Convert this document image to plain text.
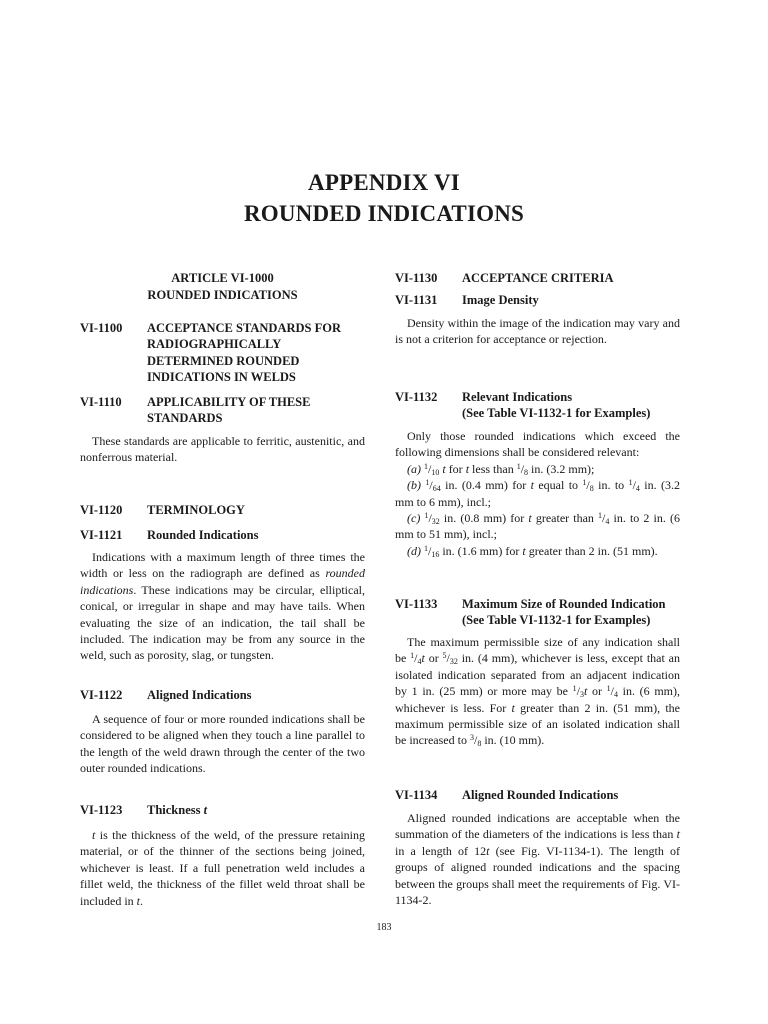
APPENDIX VI
ROUNDED INDICATIONS
ARTICLE VI-1000
ROUNDED INDICATIONS
VI-1100	ACCEPTANCE STANDARDS FOR RADIOGRAPHICALLY DETERMINED ROUNDED INDICATIONS IN WELDS
VI-1110	APPLICABILITY OF THESE STANDARDS

These standards are applicable to ferritic, austenitic, and nonferrous material.

VI-1120	TERMINOLOGY
VI-1121	Rounded Indications

Indications with a maximum length of three times the width or less on the radiograph are defined as rounded indications. These indications may be circular, elliptical, conical, or irregular in shape and may have tails. When evaluating the size of an indication, the tail shall be included. The indication may be from any source in the weld, such as porosity, slag, or tungsten.

VI-1122	Aligned Indications

A sequence of four or more rounded indications shall be considered to be aligned when they touch a line parallel to the length of the weld drawn through the center of the two outer rounded indications.

VI-1123	Thickness t

t is the thickness of the weld, of the pressure retaining material, or of the thinner of the sections being joined, whichever is least. If a full penetration weld includes a fillet weld, the thickness of the fillet weld throat shall be included in t.

VI-1130	ACCEPTANCE CRITERIA
VI-1131	Image Density

Density within the image of the indication may vary and is not a criterion for acceptance or rejection.

VI-1132	Relevant Indications
(See Table VI-1132-1 for Examples)

Only those rounded indications which exceed the following dimensions shall be considered relevant:

(a) $^1/_{10}$ t for t less than $^1/_8$ in. (3.2 mm);

(b) $^1/_{64}$ in. (0.4 mm) for t equal to $^1/_8$ in. to $^1/_4$ in. (3.2 mm to 6 mm), incl.;

(c) $^1/_{32}$ in. (0.8 mm) for t greater than $^1/_4$ in. to 2 in. (6 mm to 51 mm), incl.;

(d) $^1/_{16}$ in. (1.6 mm) for t greater than 2 in. (51 mm).

VI-1133	Maximum Size of Rounded Indication
(See Table VI-1132-1 for Examples)

The maximum permissible size of any indication shall be $^1/_4t$ or $^5/_{32}$ in. (4 mm), whichever is less, except that an isolated indication separated from an adjacent indication by 1 in. (25 mm) or more may be $^1/_3t$ or $^1/_4$ in. (6 mm), whichever is less. For t greater than 2 in. (51 mm), the maximum permissible size of an isolated indication shall be increased to $^3/_8$ in. (10 mm).

VI-1134	Aligned Rounded Indications

Aligned rounded indications are acceptable when the summation of the diameters of the indications is less than t in a length of 12t (see Fig. VI-1134-1). The length of groups of aligned rounded indications and the spacing between the groups shall meet the requirements of Fig. VI-1134-2.

183
